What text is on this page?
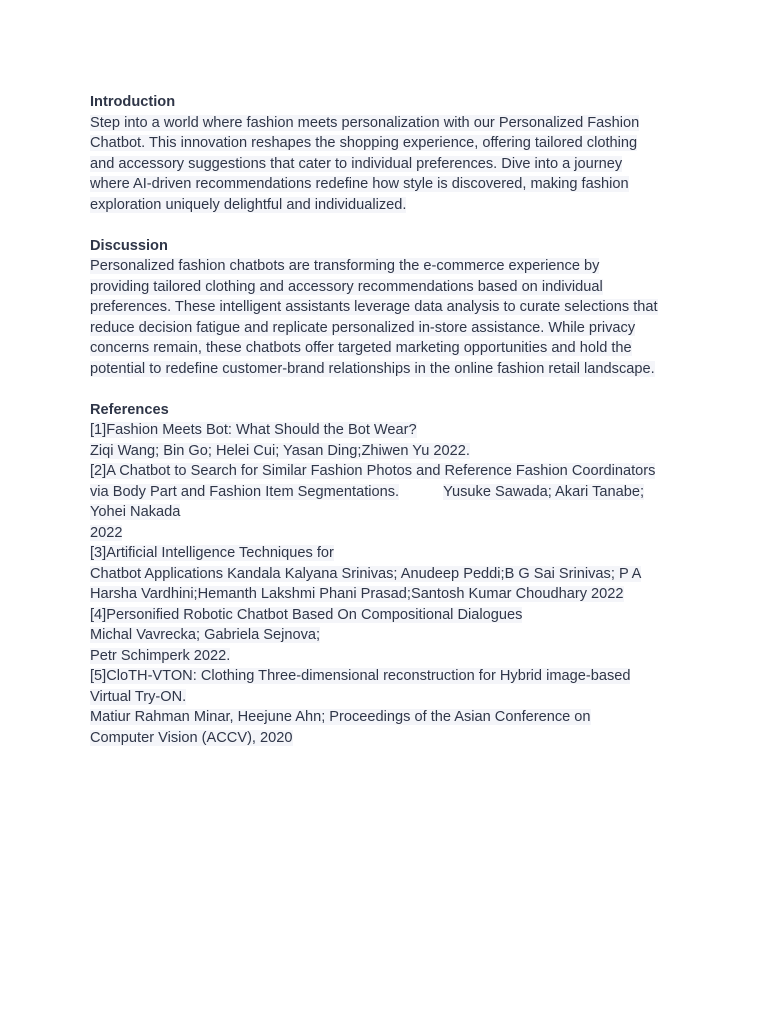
Introduction
Step into a world where fashion meets personalization with our Personalized Fashion
Chatbot. This innovation reshapes the shopping experience, offering tailored clothing
and accessory suggestions that cater to individual preferences. Dive into a journey
where AI-driven recommendations redefine how style is discovered, making fashion
exploration uniquely delightful and individualized.
Discussion
Personalized fashion chatbots are transforming the e-commerce experience by
providing tailored clothing and accessory recommendations based on individual
preferences. These intelligent assistants leverage data analysis to curate selections that
reduce decision fatigue and replicate personalized in-store assistance. While privacy
concerns remain, these chatbots offer targeted marketing opportunities and hold the
potential to redefine customer-brand relationships in the online fashion retail landscape.
References
[1]Fashion Meets Bot: What Should the Bot Wear?
Ziqi Wang; Bin Go; Helei Cui; Yasan Ding;Zhiwen Yu 2022.
[2]A Chatbot to Search for Similar Fashion Photos and Reference Fashion Coordinators
via Body Part and Fashion Item Segmentations.	Yusuke Sawada; Akari Tanabe;
Yohei Nakada
2022
[3]Artificial Intelligence Techniques for
Chatbot Applications Kandala Kalyana Srinivas; Anudeep Peddi;B G Sai Srinivas; P A
Harsha Vardhini;Hemanth Lakshmi Phani Prasad;Santosh Kumar Choudhary 2022
[4]Personified Robotic Chatbot Based On Compositional Dialogues
Michal Vavrecka; Gabriela Sejnova;
Petr Schimperk 2022.
[5]CloTH-VTON: Clothing Three-dimensional reconstruction for Hybrid image-based
Virtual Try-ON.
Matiur Rahman Minar, Heejune Ahn; Proceedings of the Asian Conference on
Computer Vision (ACCV), 2020
